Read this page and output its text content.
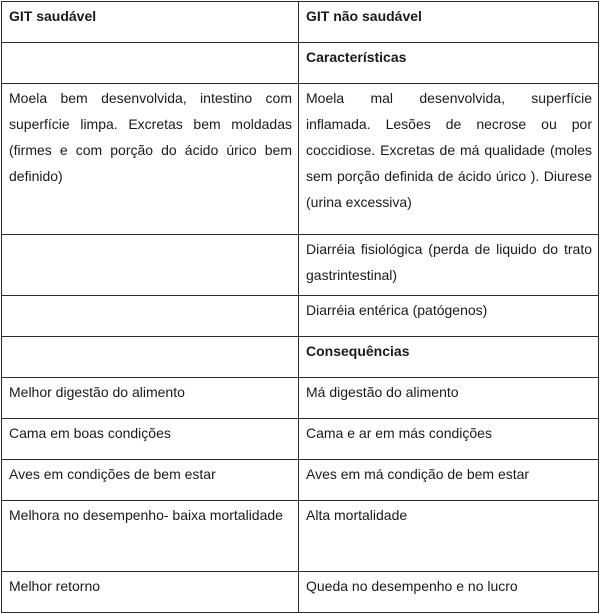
GIT saudável	GIT não saudável
	Características
Moela bem desenvolvida, intestino com superfície limpa. Excretas bem moldadas (firmes e com porção do ácido úrico bem definido)	Moela mal desenvolvida, superfície inflamada. Lesões de necrose ou por coccidiose. Excretas de má qualidade (moles sem porção definida de ácido úrico ). Diurese (urina excessiva)
	Diarréia fisiológica (perda de liquido do trato gastrintestinal)
	Diarréia entérica (patógenos)
	Consequências
Melhor digestão do alimento	Má digestão do alimento
Cama em boas condições	Cama e ar em más condições
Aves em condições de bem estar	Aves em má condição de bem estar
Melhora no desempenho- baixa mortalidade	Alta mortalidade
Melhor retorno	Queda no desempenho e no lucro
